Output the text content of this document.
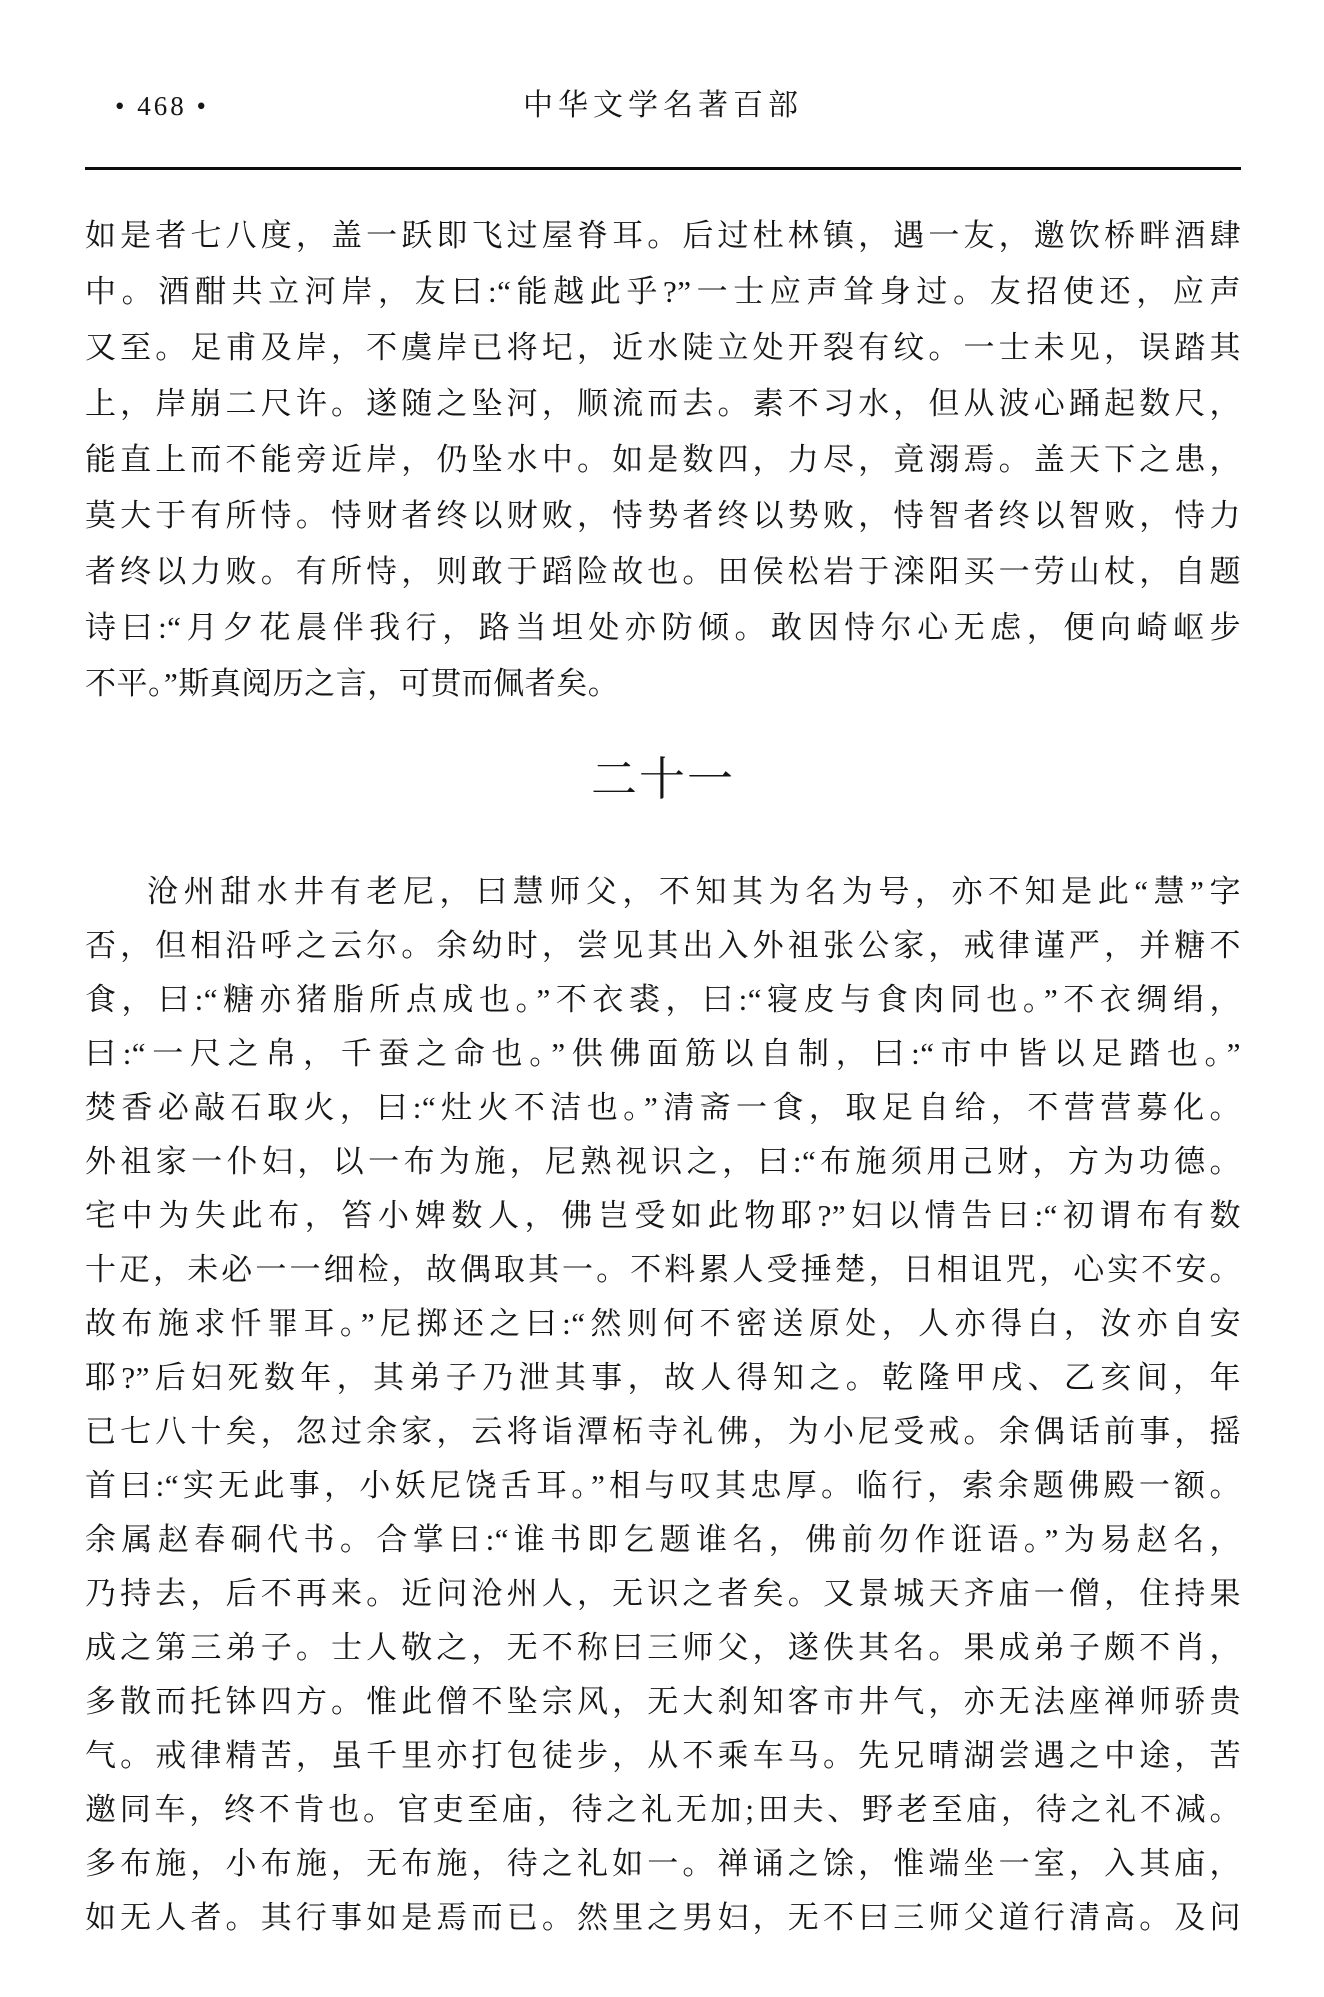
• 468 •	中华文学名著百部
如是者七八度，盖一跃即飞过屋脊耳。后过杜林镇，遇一友，邀饮桥畔酒肆
中。酒酣共立河岸，友曰:“能越此乎?”一士应声耸身过。友招使还，应声
又至。足甫及岸，不虞岸已将圮，近水陡立处开裂有纹。一士未见，误踏其
上，岸崩二尺许。遂随之坠河，顺流而去。素不习水，但从波心踊起数尺，
能直上而不能旁近岸，仍坠水中。如是数四，力尽，竟溺焉。盖天下之患，
莫大于有所恃。恃财者终以财败，恃势者终以势败，恃智者终以智败，恃力
者终以力败。有所恃，则敢于蹈险故也。田侯松岩于滦阳买一劳山杖，自题
诗曰:“月夕花晨伴我行，路当坦处亦防倾。敢因恃尔心无虑，便向崎岖步
不平。”斯真阅历之言，可贯而佩者矣。
二十一
沧州甜水井有老尼，曰慧师父，不知其为名为号，亦不知是此“慧”字
否，但相沿呼之云尔。余幼时，尝见其出入外祖张公家，戒律谨严，并糖不
食，曰:“糖亦猪脂所点成也。”不衣裘，曰:“寝皮与食肉同也。”不衣绸绢，
曰:“一尺之帛，千蚕之命也。”供佛面筋以自制，曰:“市中皆以足踏也。”
焚香必敲石取火，曰:“灶火不洁也。”清斋一食，取足自给，不营营募化。
外祖家一仆妇，以一布为施，尼熟视识之，曰:“布施须用己财，方为功德。
宅中为失此布，笞小婢数人，佛岂受如此物耶?”妇以情告曰:“初谓布有数
十疋，未必一一细检，故偶取其一。不料累人受捶楚，日相诅咒，心实不安。
故布施求忏罪耳。”尼掷还之曰:“然则何不密送原处，人亦得白，汝亦自安
耶?”后妇死数年，其弟子乃泄其事，故人得知之。乾隆甲戌、乙亥间，年
已七八十矣，忽过余家，云将诣潭柘寺礼佛，为小尼受戒。余偶话前事，摇
首曰:“实无此事，小妖尼饶舌耳。”相与叹其忠厚。临行，索余题佛殿一额。
余属赵春硐代书。合掌曰:“谁书即乞题谁名，佛前勿作诳语。”为易赵名，
乃持去，后不再来。近问沧州人，无识之者矣。又景城天齐庙一僧，住持果
成之第三弟子。士人敬之，无不称曰三师父，遂佚其名。果成弟子颇不肖，
多散而托钵四方。惟此僧不坠宗风，无大刹知客市井气，亦无法座禅师骄贵
气。戒律精苦，虽千里亦打包徒步，从不乘车马。先兄晴湖尝遇之中途，苦
邀同车，终不肯也。官吏至庙，待之礼无加;田夫、野老至庙，待之礼不减。
多布施，小布施，无布施，待之礼如一。禅诵之馀，惟端坐一室，入其庙，
如无人者。其行事如是焉而已。然里之男妇，无不曰三师父道行清高。及问
